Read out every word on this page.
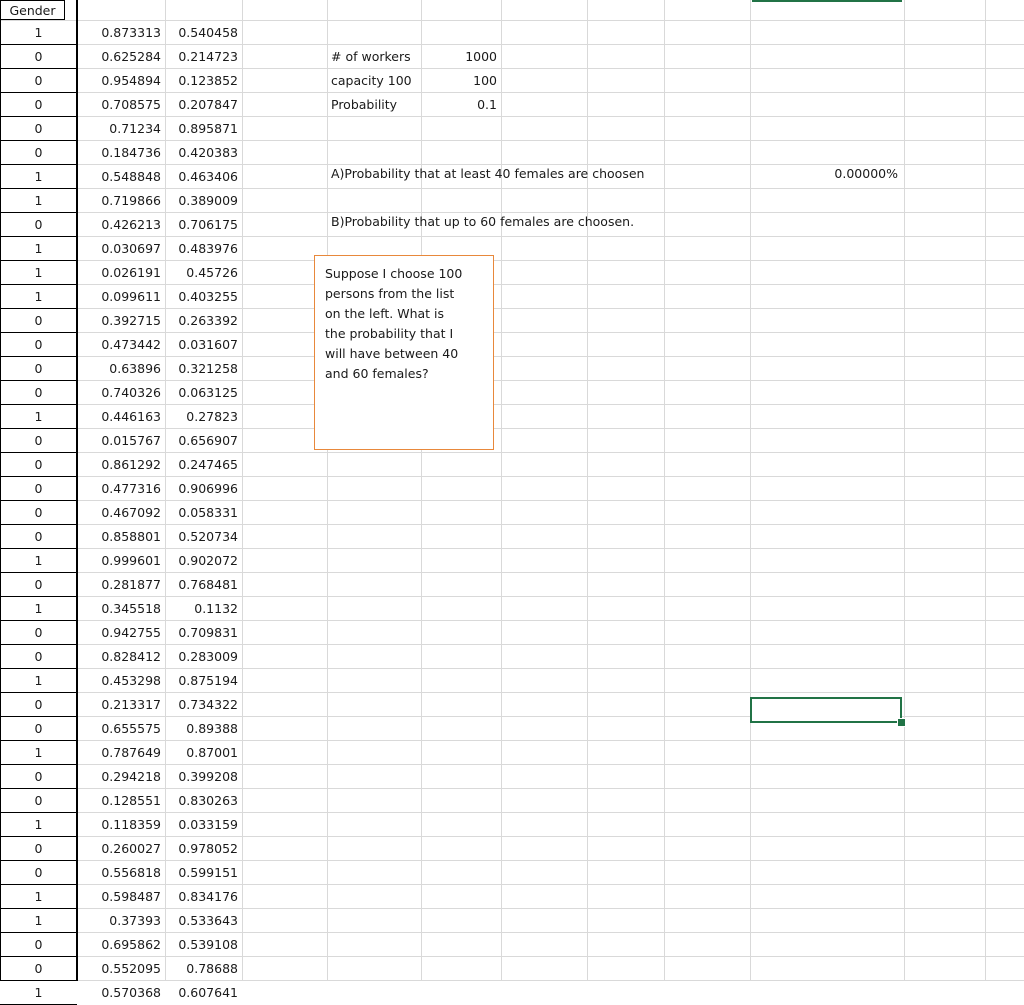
Gender
1	0.873313	0.540458
0	0.625284	0.214723
0	0.954894	0.123852
0	0.708575	0.207847
0	0.71234	0.895871
0	0.184736	0.420383
1	0.548848	0.463406
1	0.719866	0.389009
0	0.426213	0.706175
1	0.030697	0.483976
1	0.026191	0.45726
1	0.099611	0.403255
0	0.392715	0.263392
0	0.473442	0.031607
0	0.63896	0.321258
0	0.740326	0.063125
1	0.446163	0.27823
0	0.015767	0.656907
0	0.861292	0.247465
0	0.477316	0.906996
0	0.467092	0.058331
0	0.858801	0.520734
1	0.999601	0.902072
0	0.281877	0.768481
1	0.345518	0.1132
0	0.942755	0.709831
0	0.828412	0.283009
1	0.453298	0.875194
0	0.213317	0.734322
0	0.655575	0.89388
1	0.787649	0.87001
0	0.294218	0.399208
0	0.128551	0.830263
1	0.118359	0.033159
0	0.260027	0.978052
0	0.556818	0.599151
1	0.598487	0.834176
1	0.37393	0.533643
0	0.695862	0.539108
0	0.552095	0.78688
1	0.570368	0.607641
# of workers	1000
capacity 100	100
Probability	0.1
A)Probability that at least 40 females are choosen	0.00000%
B)Probability that up to 60 females are choosen.
Suppose I choose 100
persons from the list
on the left. What is
the probability that I
will have between 40
and 60 females?
